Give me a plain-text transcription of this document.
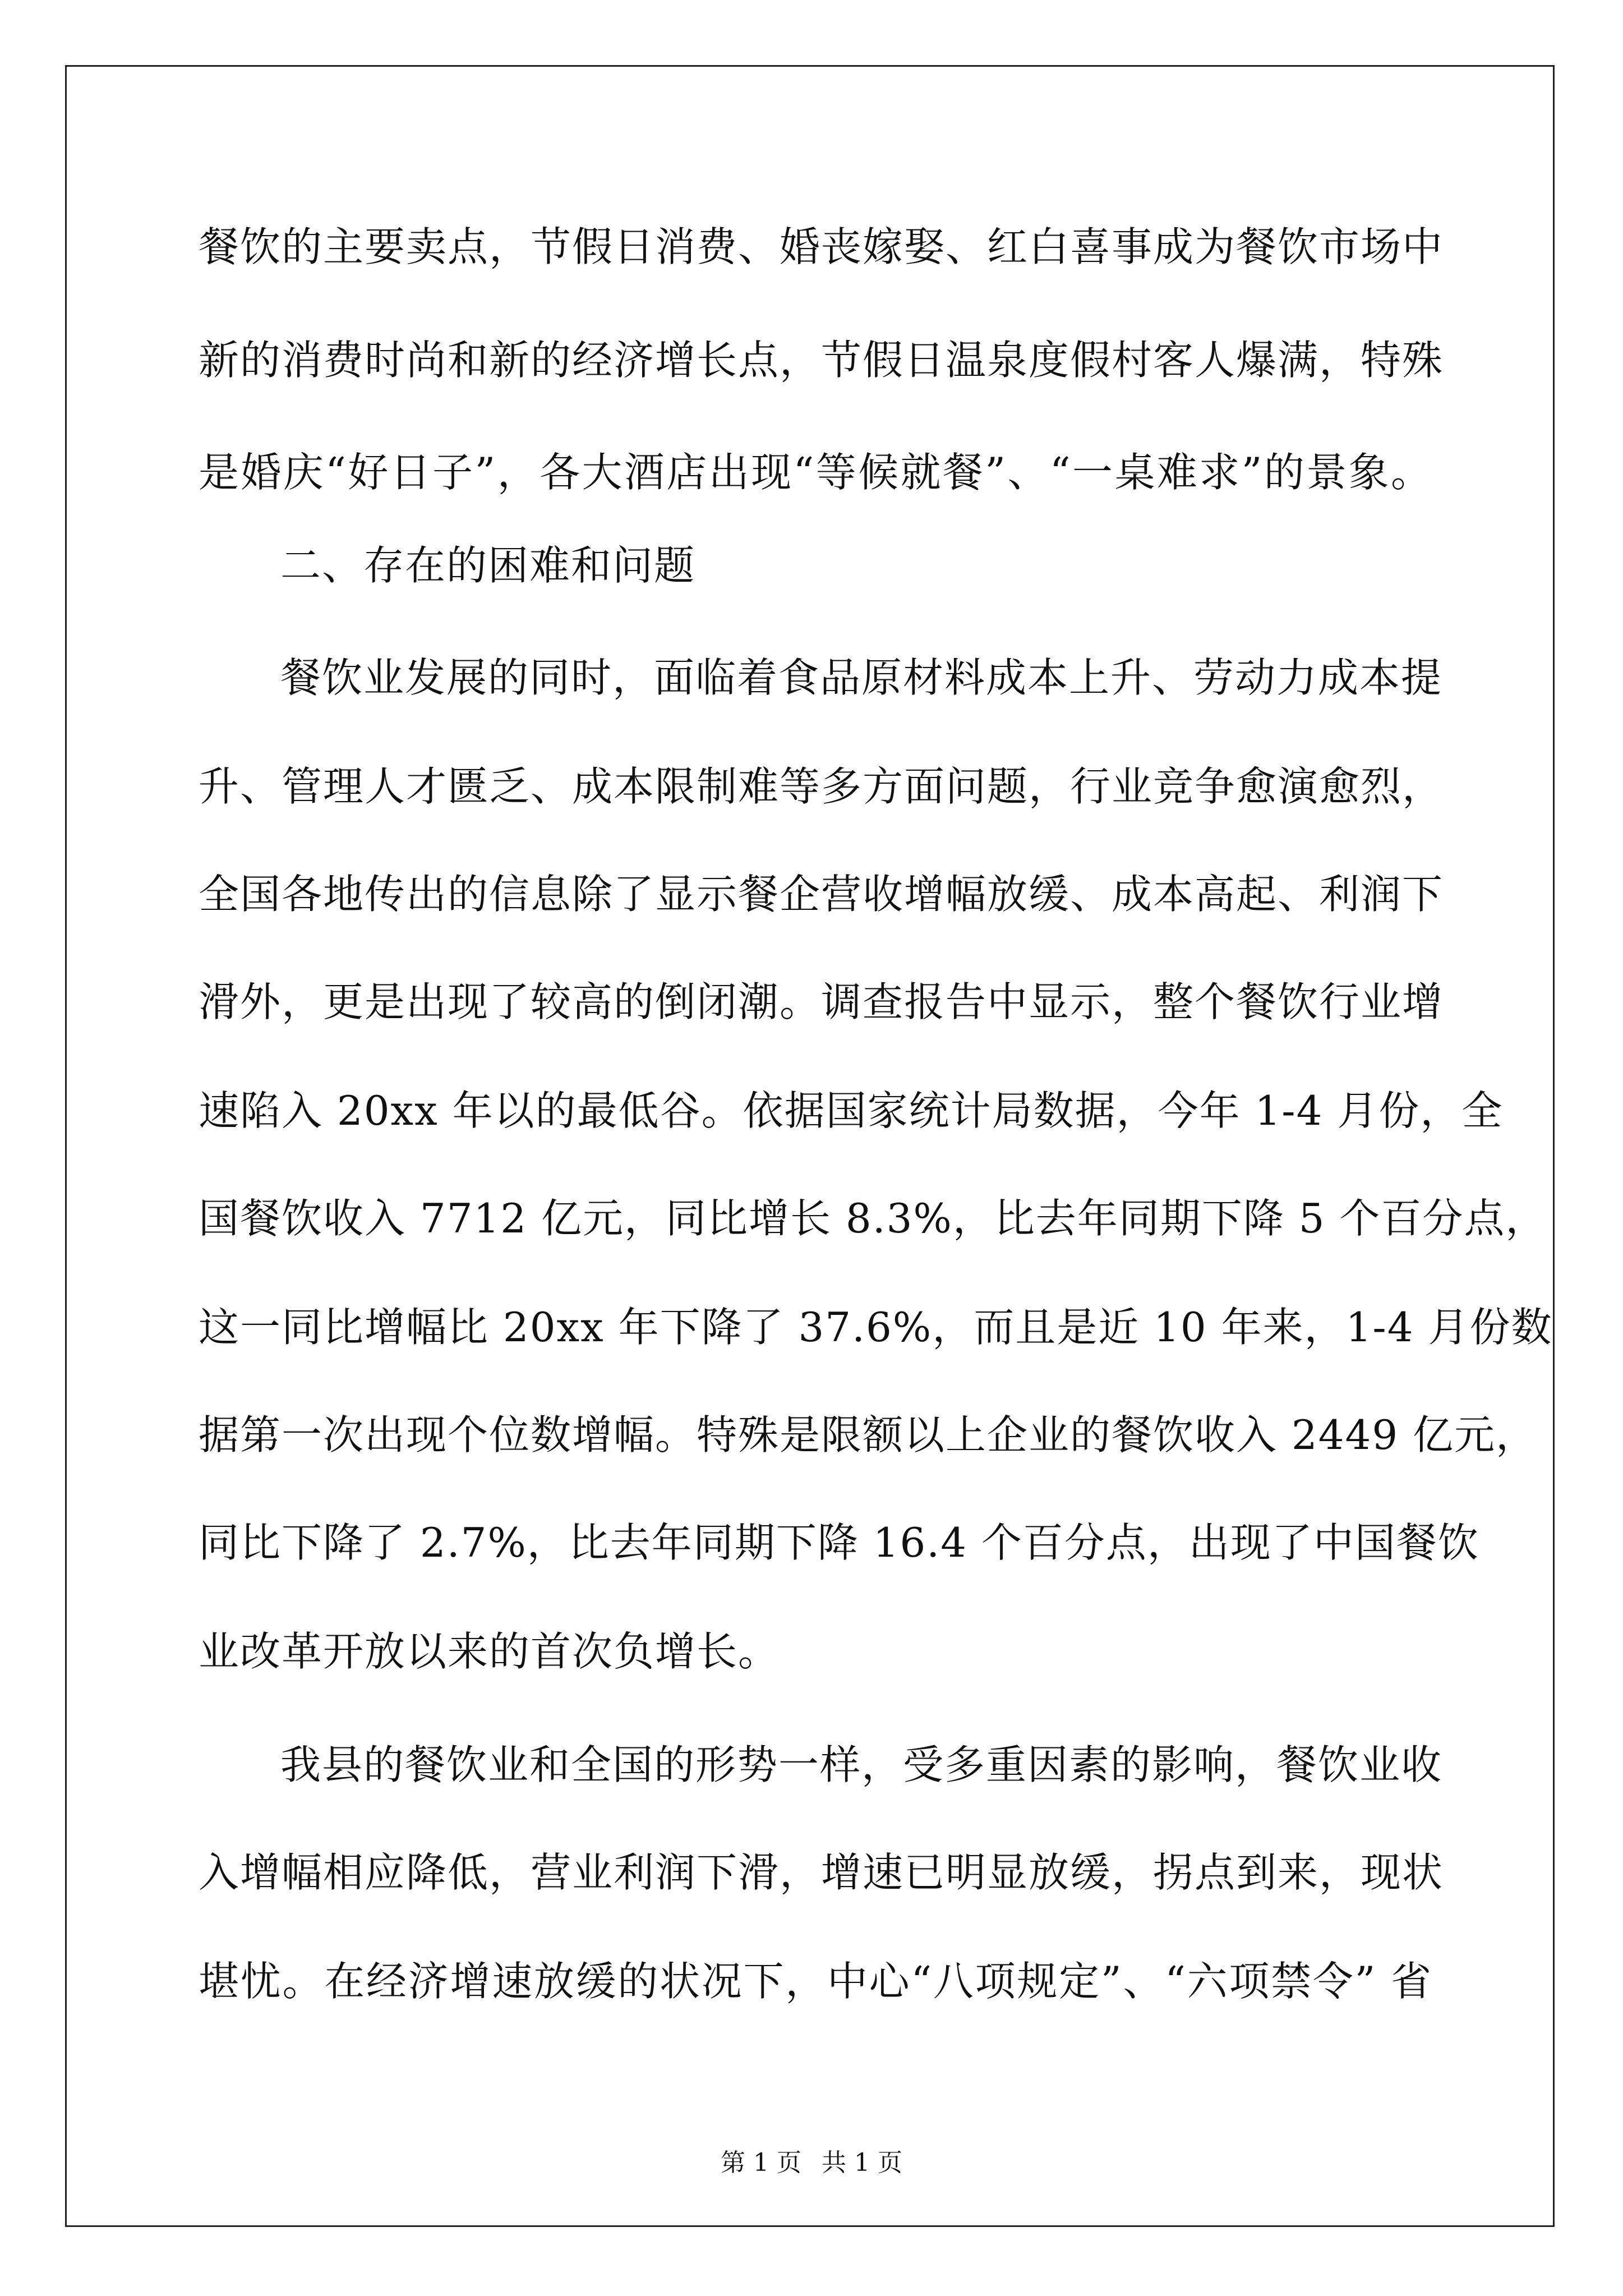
餐饮的主要卖点，节假日消费、婚丧嫁娶、红白喜事成为餐饮市场中
新的消费时尚和新的经济增长点，节假日温泉度假村客人爆满，特殊
是婚庆“好日子”，各大酒店出现“等候就餐”、“一桌难求”的景象。
二、存在的困难和问题
餐饮业发展的同时，面临着食品原材料成本上升、劳动力成本提
升、管理人才匮乏、成本限制难等多方面问题，行业竞争愈演愈烈，
全国各地传出的信息除了显示餐企营收增幅放缓、成本高起、利润下
滑外，更是出现了较高的倒闭潮。调查报告中显示，整个餐饮行业增
速陷入 20xx 年以的最低谷。依据国家统计局数据，今年 1-4 月份，全
国餐饮收入 7712 亿元，同比增长 8.3%，比去年同期下降 5 个百分点，
这一同比增幅比 20xx 年下降了 37.6%，而且是近 10 年来，1-4 月份数
据第一次出现个位数增幅。特殊是限额以上企业的餐饮收入 2449 亿元，
同比下降了 2.7%，比去年同期下降 16.4 个百分点，出现了中国餐饮
业改革开放以来的首次负增长。
我县的餐饮业和全国的形势一样，受多重因素的影响，餐饮业收
入增幅相应降低，营业利润下滑，增速已明显放缓，拐点到来，现状
堪忧。在经济增速放缓的状况下，中心“八项规定”、“六项禁令” 省
第 1 页 共 1 页
